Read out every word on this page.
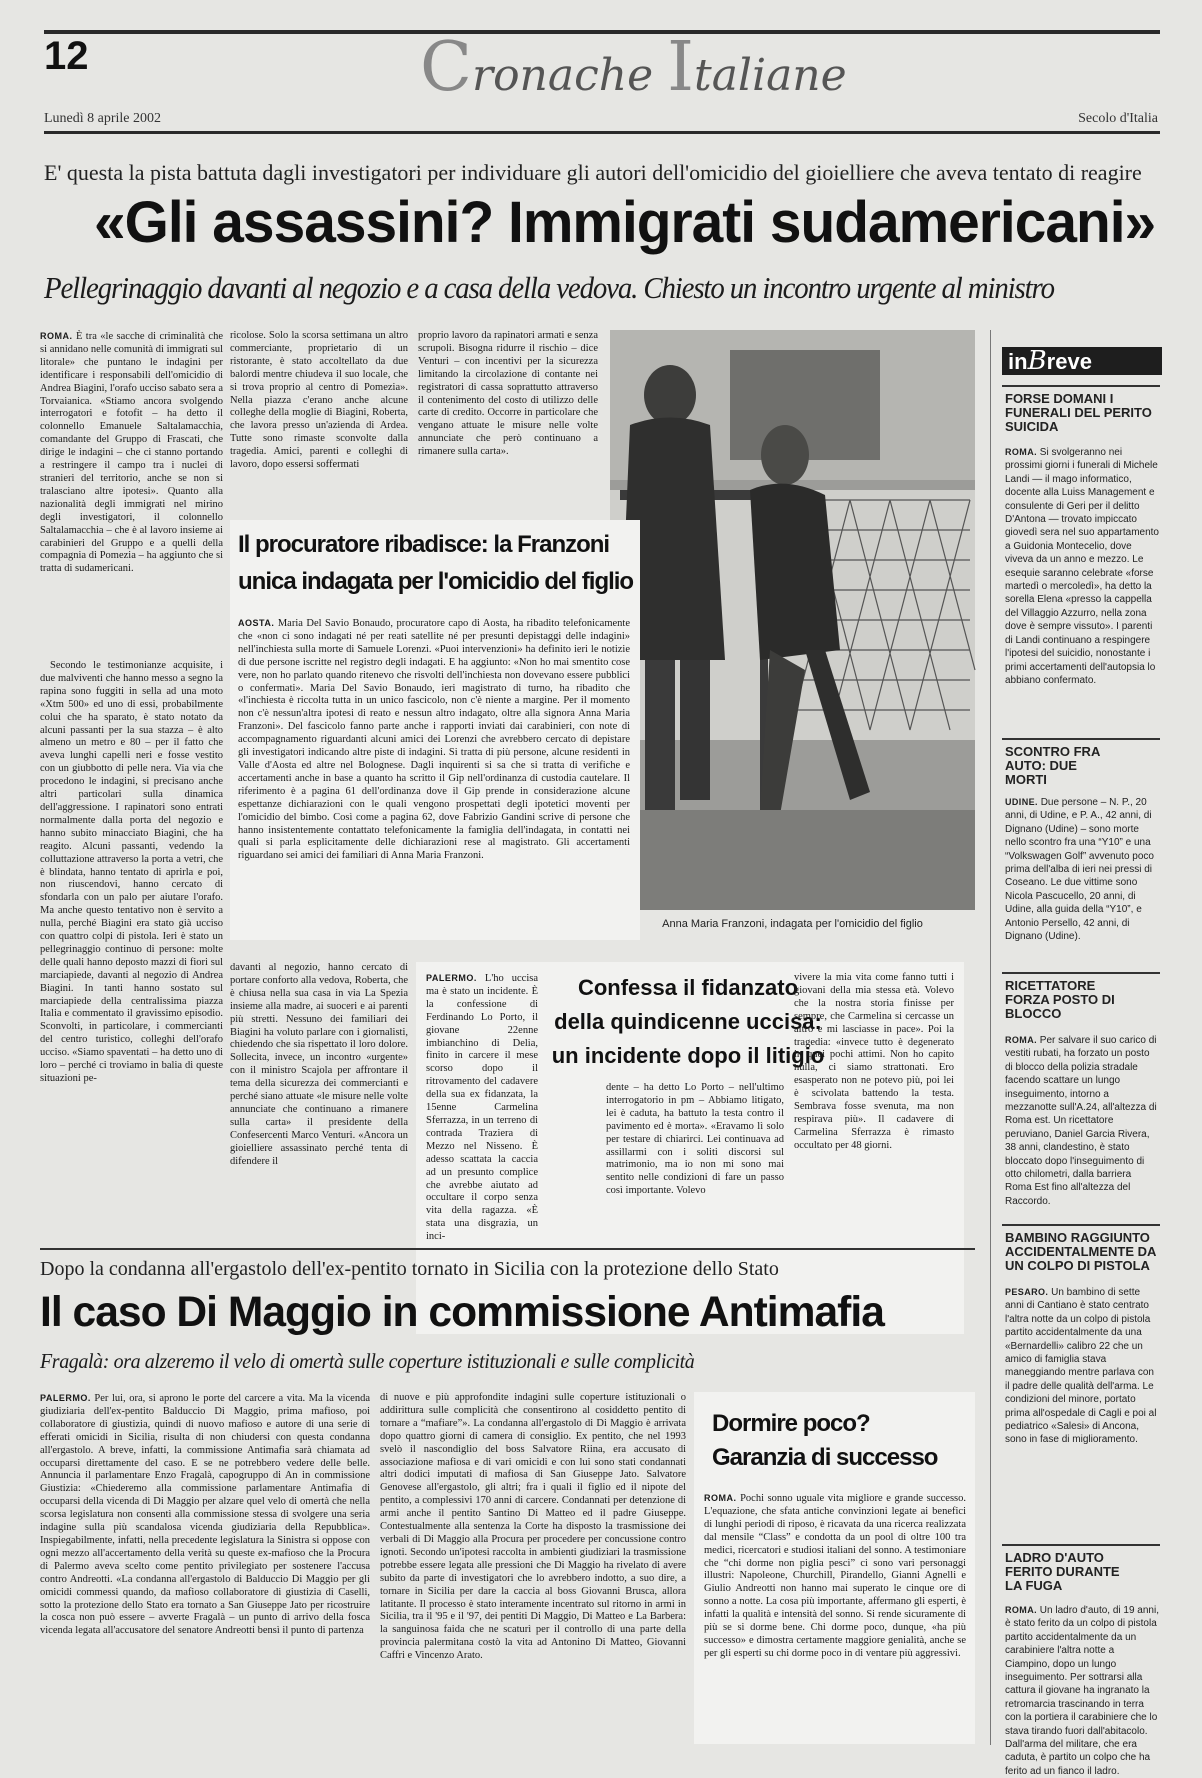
12	Cronache Italiane
Lunedì 8 aprile 2002	Secolo d'Italia
E' questa la pista battuta dagli investigatori per individuare gli autori dell'omicidio del gioielliere che aveva tentato di reagire
«Gli assassini? Immigrati sudamericani»
Pellegrinaggio davanti al negozio e a casa della vedova. Chiesto un incontro urgente al ministro
ROMA. È tra «le sacche di criminalità che si annidano nelle comunità di immigrati sul litorale» che puntano le indagini per identificare i responsabili dell'omicidio di Andrea Biagini, l'orafo ucciso sabato sera a Torvaianica. «Stiamo ancora svolgendo interrogatori e fotofit – ha detto il colonnello Emanuele Saltalamacchia, comandante del Gruppo di Frascati, che dirige le indagini – che ci stanno portando a restringere il campo tra i nuclei di stranieri del territorio, anche se non si tralasciano altre ipotesi». Quanto alla nazionalità degli immigrati nel mirino degli investigatori, il colonnello Saltalamacchia – che è al lavoro insieme ai carabinieri del Gruppo e a quelli della compagnia di Pomezia – ha aggiunto che si tratta di sudamericani.
Secondo le testimonianze acquisite, i due malviventi che hanno messo a segno la rapina sono fuggiti in sella ad una moto «Xtm 500» ed uno di essi, probabilmente colui che ha sparato, è stato notato da alcuni passanti per la sua stazza – è alto almeno un metro e 80 – per il fatto che aveva lunghi capelli neri e fosse vestito con un giubbotto di pelle nera. Via via che procedono le indagini, si precisano anche altri particolari sulla dinamica dell'aggressione. I rapinatori sono entrati normalmente dalla porta del negozio e hanno subito minacciato Biagini, che ha reagito. Alcuni passanti, vedendo la colluttazione attraverso la porta a vetri, che è blindata, hanno tentato di aprirla e poi, non riuscendovi, hanno cercato di sfondarla con un palo per aiutare l'orafo. Ma anche questo tentativo non è servito a nulla, perché Biagini era stato già ucciso con quattro colpi di pistola. Ieri è stato un pellegrinaggio continuo di persone: molte delle quali hanno deposto mazzi di fiori sul marciapiede, davanti al negozio di Andrea Biagini. In tanti hanno sostato sul marciapiede della centralissima piazza Italia e commentato il gravissimo episodio. Sconvolti, in particolare, i commercianti del centro turistico, colleghi dell'orafo ucciso. «Siamo spaventati – ha detto uno di loro – perché ci troviamo in balia di queste situazioni pe-
ricolose. Solo la scorsa settimana un altro commerciante, proprietario di un ristorante, è stato accoltellato da due balordi mentre chiudeva il suo locale, che si trova proprio al centro di Pomezia». Nella piazza c'erano anche alcune colleghe della moglie di Biagini, Roberta, che lavora presso un'azienda di Ardea. Tutte sono rimaste sconvolte dalla tragedia. Amici, parenti e colleghi di lavoro, dopo essersi soffermati
proprio lavoro da rapinatori armati e senza scrupoli. Bisogna ridurre il rischio – dice Venturi – con incentivi per la sicurezza limitando la circolazione di contante nei registratori di cassa soprattutto attraverso il contenimento del costo di utilizzo delle carte di credito. Occorre in particolare che vengano attuate le misure nelle volte annunciate che però continuano a rimanere sulla carta».
davanti al negozio, hanno cercato di portare conforto alla vedova, Roberta, che è chiusa nella sua casa in via La Spezia insieme alla madre, ai suoceri e ai parenti più stretti. Nessuno dei familiari dei Biagini ha voluto parlare con i giornalisti, chiedendo che sia rispettato il loro dolore. Sollecita, invece, un incontro «urgente» con il ministro Scajola per affrontare il tema della sicurezza dei commercianti e perché siano attuate «le misure nelle volte annunciate che continuano a rimanere sulla carta» il presidente della Confesercenti Marco Venturi. «Ancora un gioielliere assassinato perché tenta di difendere il
Anna Maria Franzoni, indagata per l'omicidio del figlio
Il procuratore ribadisce: la Franzoni
unica indagata per l'omicidio del figlio
AOSTA. Maria Del Savio Bonaudo, procuratore capo di Aosta, ha ribadito telefonicamente che «non ci sono indagati né per reati satellite né per presunti depistaggi delle indagini» nell'inchiesta sulla morte di Samuele Lorenzi. «Puoi intervenzioni» ha definito ieri le notizie di due persone iscritte nel registro degli indagati. E ha aggiunto: «Non ho mai smentito cose vere, non ho parlato quando ritenevo che risvolti dell'inchiesta non dovevano essere pubblici o confermati». Maria Del Savio Bonaudo, ieri magistrato di turno, ha ribadito che «l'inchiesta è riccolta tutta in un unico fascicolo, non c'è niente a margine. Per il momento non c'è nessun'altra ipotesi di reato e nessun altro indagato, oltre alla signora Anna Maria Franzoni». Del fascicolo fanno parte anche i rapporti inviati dai carabinieri, con note di accompagnamento riguardanti alcuni amici dei Lorenzi che avrebbero cercato di depistare gli investigatori indicando altre piste di indagini. Si tratta di più persone, alcune residenti in Valle d'Aosta ed altre nel Bolognese. Dagli inquirenti si sa che si tratta di verifiche e accertamenti anche in base a quanto ha scritto il Gip nell'ordinanza di custodia cautelare. Il riferimento è a pagina 61 dell'ordinanza dove il Gip prende in considerazione alcune espettanze dichiarazioni con le quali vengono prospettati degli ipotetici moventi per l'omicidio del bimbo. Così come a pagina 62, dove Fabrizio Gandini scrive di persone che hanno insistentemente contattato telefonicamente la famiglia dell'indagata, in contatti nei quali si parla esplicitamente delle dichiarazioni rese al magistrato. Gli accertamenti riguardano sei amici dei familiari di Anna Maria Franzoni.
PALERMO. L'ho uccisa ma è stato un incidente. È la confessione di Ferdinando Lo Porto, il giovane 22enne imbianchino di Delia, finito in carcere il mese scorso dopo il ritrovamento del cadavere della sua ex fidanzata, la 15enne Carmelina Sferrazza, in un terreno di contrada Traziera di Mezzo nel Nisseno. È adesso scattata la caccia ad un presunto complice che avrebbe aiutato ad occultare il corpo senza vita della ragazza. «È stata una disgrazia, un inci-
Confessa il fidanzato
della quindicenne uccisa:
un incidente dopo il litigio
dente – ha detto Lo Porto – nell'ultimo interrogatorio in pm – Abbiamo litigato, lei è caduta, ha battuto la testa contro il pavimento ed è morta». «Eravamo lì solo per testare di chiarirci. Lei continuava ad assillarmi con i soliti discorsi sul matrimonio, ma io non mi sono mai sentito nelle condizioni di fare un passo così importante. Volevo
vivere la mia vita come fanno tutti i giovani della mia stessa età. Volevo che la nostra storia finisse per sempre, che Carmelina si cercasse un altro e mi lasciasse in pace». Poi la tragedia: «invece tutto è degenerato in quei pochi attimi. Non ho capito nulla, ci siamo strattonati. Ero esasperato non ne potevo più, poi lei è scivolata battendo la testa. Sembrava fosse svenuta, ma non respirava più». Il cadavere di Carmelina Sferrazza è rimasto occultato per 48 giorni.
Dopo la condanna all'ergastolo dell'ex-pentito tornato in Sicilia con la protezione dello Stato
Il caso Di Maggio in commissione Antimafia
Fragalà: ora alzeremo il velo di omertà sulle coperture istituzionali e sulle complicità
PALERMO. Per lui, ora, si aprono le porte del carcere a vita. Ma la vicenda giudiziaria dell'ex-pentito Balduccio Di Maggio, prima mafioso, poi collaboratore di giustizia, quindi di nuovo mafioso e autore di una serie di efferati omicidi in Sicilia, risulta di non chiudersi con questa condanna all'ergastolo. A breve, infatti, la commissione Antimafia sarà chiamata ad occuparsi direttamente del caso. E se ne potrebbero vedere delle belle. Annuncia il parlamentare Enzo Fragalà, capogruppo di An in commissione Giustizia: «Chiederemo alla commissione parlamentare Antimafia di occuparsi della vicenda di Di Maggio per alzare quel velo di omertà che nella scorsa legislatura non consentì alla commissione stessa di svolgere una seria indagine sulla più scandalosa vicenda giudiziaria della Repubblica». Inspiegabilmente, infatti, nella precedente legislatura la Sinistra si oppose con ogni mezzo all'accertamento della verità su queste ex-mafioso che la Procura di Palermo aveva scelto come pentito privilegiato per sostenere l'accusa contro Andreotti. «La condanna all'ergastolo di Balduccio Di Maggio per gli omicidi commessi quando, da mafioso collaboratore di giustizia di Caselli, sotto la protezione dello Stato era tornato a San Giuseppe Jato per ricostruire la cosca non può essere – avverte Fragalà – un punto di arrivo della fosca vicenda legata all'accusatore del senatore Andreotti bensì il punto di partenza
di nuove e più approfondite indagini sulle coperture istituzionali o addirittura sulle complicità che consentirono al cosiddetto pentito di tornare a “mafiare”». La condanna all'ergastolo di Di Maggio è arrivata dopo quattro giorni di camera di consiglio. Ex pentito, che nel 1993 svelò il nascondiglio del boss Salvatore Riina, era accusato di associazione mafiosa e di vari omicidi e con lui sono stati condannati altri dodici imputati di mafiosa di San Giuseppe Jato. Salvatore Genovese all'ergastolo, gli altri; fra i quali il figlio ed il nipote del pentito, a complessivi 170 anni di carcere. Condannati per detenzione di armi anche il pentito Santino Di Matteo ed il padre Giuseppe. Contestualmente alla sentenza la Corte ha disposto la trasmissione dei verbali di Di Maggio alla Procura per procedere per concussione contro ignoti. Secondo un'ipotesi raccolta in ambienti giudiziari la trasmissione potrebbe essere legata alle pressioni che Di Maggio ha rivelato di avere subito da parte di investigatori che lo avrebbero indotto, a suo dire, a tornare in Sicilia per dare la caccia al boss Giovanni Brusca, allora latitante. Il processo è stato interamente incentrato sul ritorno in armi in Sicilia, tra il '95 e il '97, dei pentiti Di Maggio, Di Matteo e La Barbera: la sanguinosa faida che ne scaturì per il controllo di una parte della provincia palermitana costò la vita ad Antonino Di Matteo, Giovanni Caffri e Vincenzo Arato.
Dormire poco?
Garanzia di successo
ROMA. Pochi sonno uguale vita migliore e grande successo. L'equazione, che sfata antiche convinzioni legate ai benefici di lunghi periodi di riposo, è ricavata da una ricerca realizzata dal mensile “Class” e condotta da un pool di oltre 100 tra medici, ricercatori e studiosi italiani del sonno. A testimoniare che “chi dorme non piglia pesci” ci sono vari personaggi illustri: Napoleone, Churchill, Pirandello, Gianni Agnelli e Giulio Andreotti non hanno mai superato le cinque ore di sonno a notte. La cosa più importante, affermano gli esperti, è infatti la qualità e intensità del sonno. Si rende sicuramente di più se si dorme bene. Chi dorme poco, dunque, «ha più successo» e dimostra certamente maggiore genialità, anche se per gli esperti su chi dorme poco in di ventare più aggressivi.
inBreve
FORSE DOMANI I FUNERALI DEL PERITO SUICIDA
ROMA. Si svolgeranno nei prossimi giorni i funerali di Michele Landi — il mago informatico, docente alla Luiss Management e consulente di Geri per il delitto D'Antona — trovato impiccato giovedì sera nel suo appartamento a Guidonia Montecelio, dove viveva da un anno e mezzo. Le esequie saranno celebrate «forse martedì o mercoledì», ha detto la sorella Elena «presso la cappella del Villaggio Azzurro, nella zona dove è sempre vissuto». I parenti di Landi continuano a respingere l'ipotesi del suicidio, nonostante i primi accertamenti dell'autopsia lo abbiano confermato.
SCONTRO FRA AUTO: DUE MORTI
UDINE. Due persone – N. P., 20 anni, di Udine, e P. A., 42 anni, di Dignano (Udine) – sono morte nello scontro fra una “Y10” e una “Volkswagen Golf” avvenuto poco prima dell'alba di ieri nei pressi di Coseano. Le due vittime sono Nicola Pascucello, 20 anni, di Udine, alla guida della “Y10”, e Antonio Persello, 42 anni, di Dignano (Udine).
RICETTATORE FORZA POSTO DI BLOCCO
ROMA. Per salvare il suo carico di vestiti rubati, ha forzato un posto di blocco della polizia stradale facendo scattare un lungo inseguimento, intorno a mezzanotte sull'A.24, all'altezza di Roma est. Un ricettatore peruviano, Daniel Garcia Rivera, 38 anni, clandestino, è stato bloccato dopo l'inseguimento di otto chilometri, dalla barriera Roma Est fino all'altezza del Raccordo.
BAMBINO RAGGIUNTO ACCIDENTALMENTE DA UN COLPO DI PISTOLA
PESARO. Un bambino di sette anni di Cantiano è stato centrato l'altra notte da un colpo di pistola partito accidentalmente da una «Bernardelli» calibro 22 che un amico di famiglia stava maneggiando mentre parlava con il padre delle qualità dell'arma. Le condizioni del minore, portato prima all'ospedale di Cagli e poi al pediatrico «Salesi» di Ancona, sono in fase di miglioramento.
LADRO D'AUTO FERITO DURANTE LA FUGA
ROMA. Un ladro d'auto, di 19 anni, è stato ferito da un colpo di pistola partito accidentalmente da un carabiniere l'altra notte a Ciampino, dopo un lungo inseguimento. Per sottrarsi alla cattura il giovane ha ingranato la retromarcia trascinando in terra con la portiera il carabiniere che lo stava tirando fuori dall'abitacolo. Dall'arma del militare, che era caduta, è partito un colpo che ha ferito ad un fianco il ladro.
